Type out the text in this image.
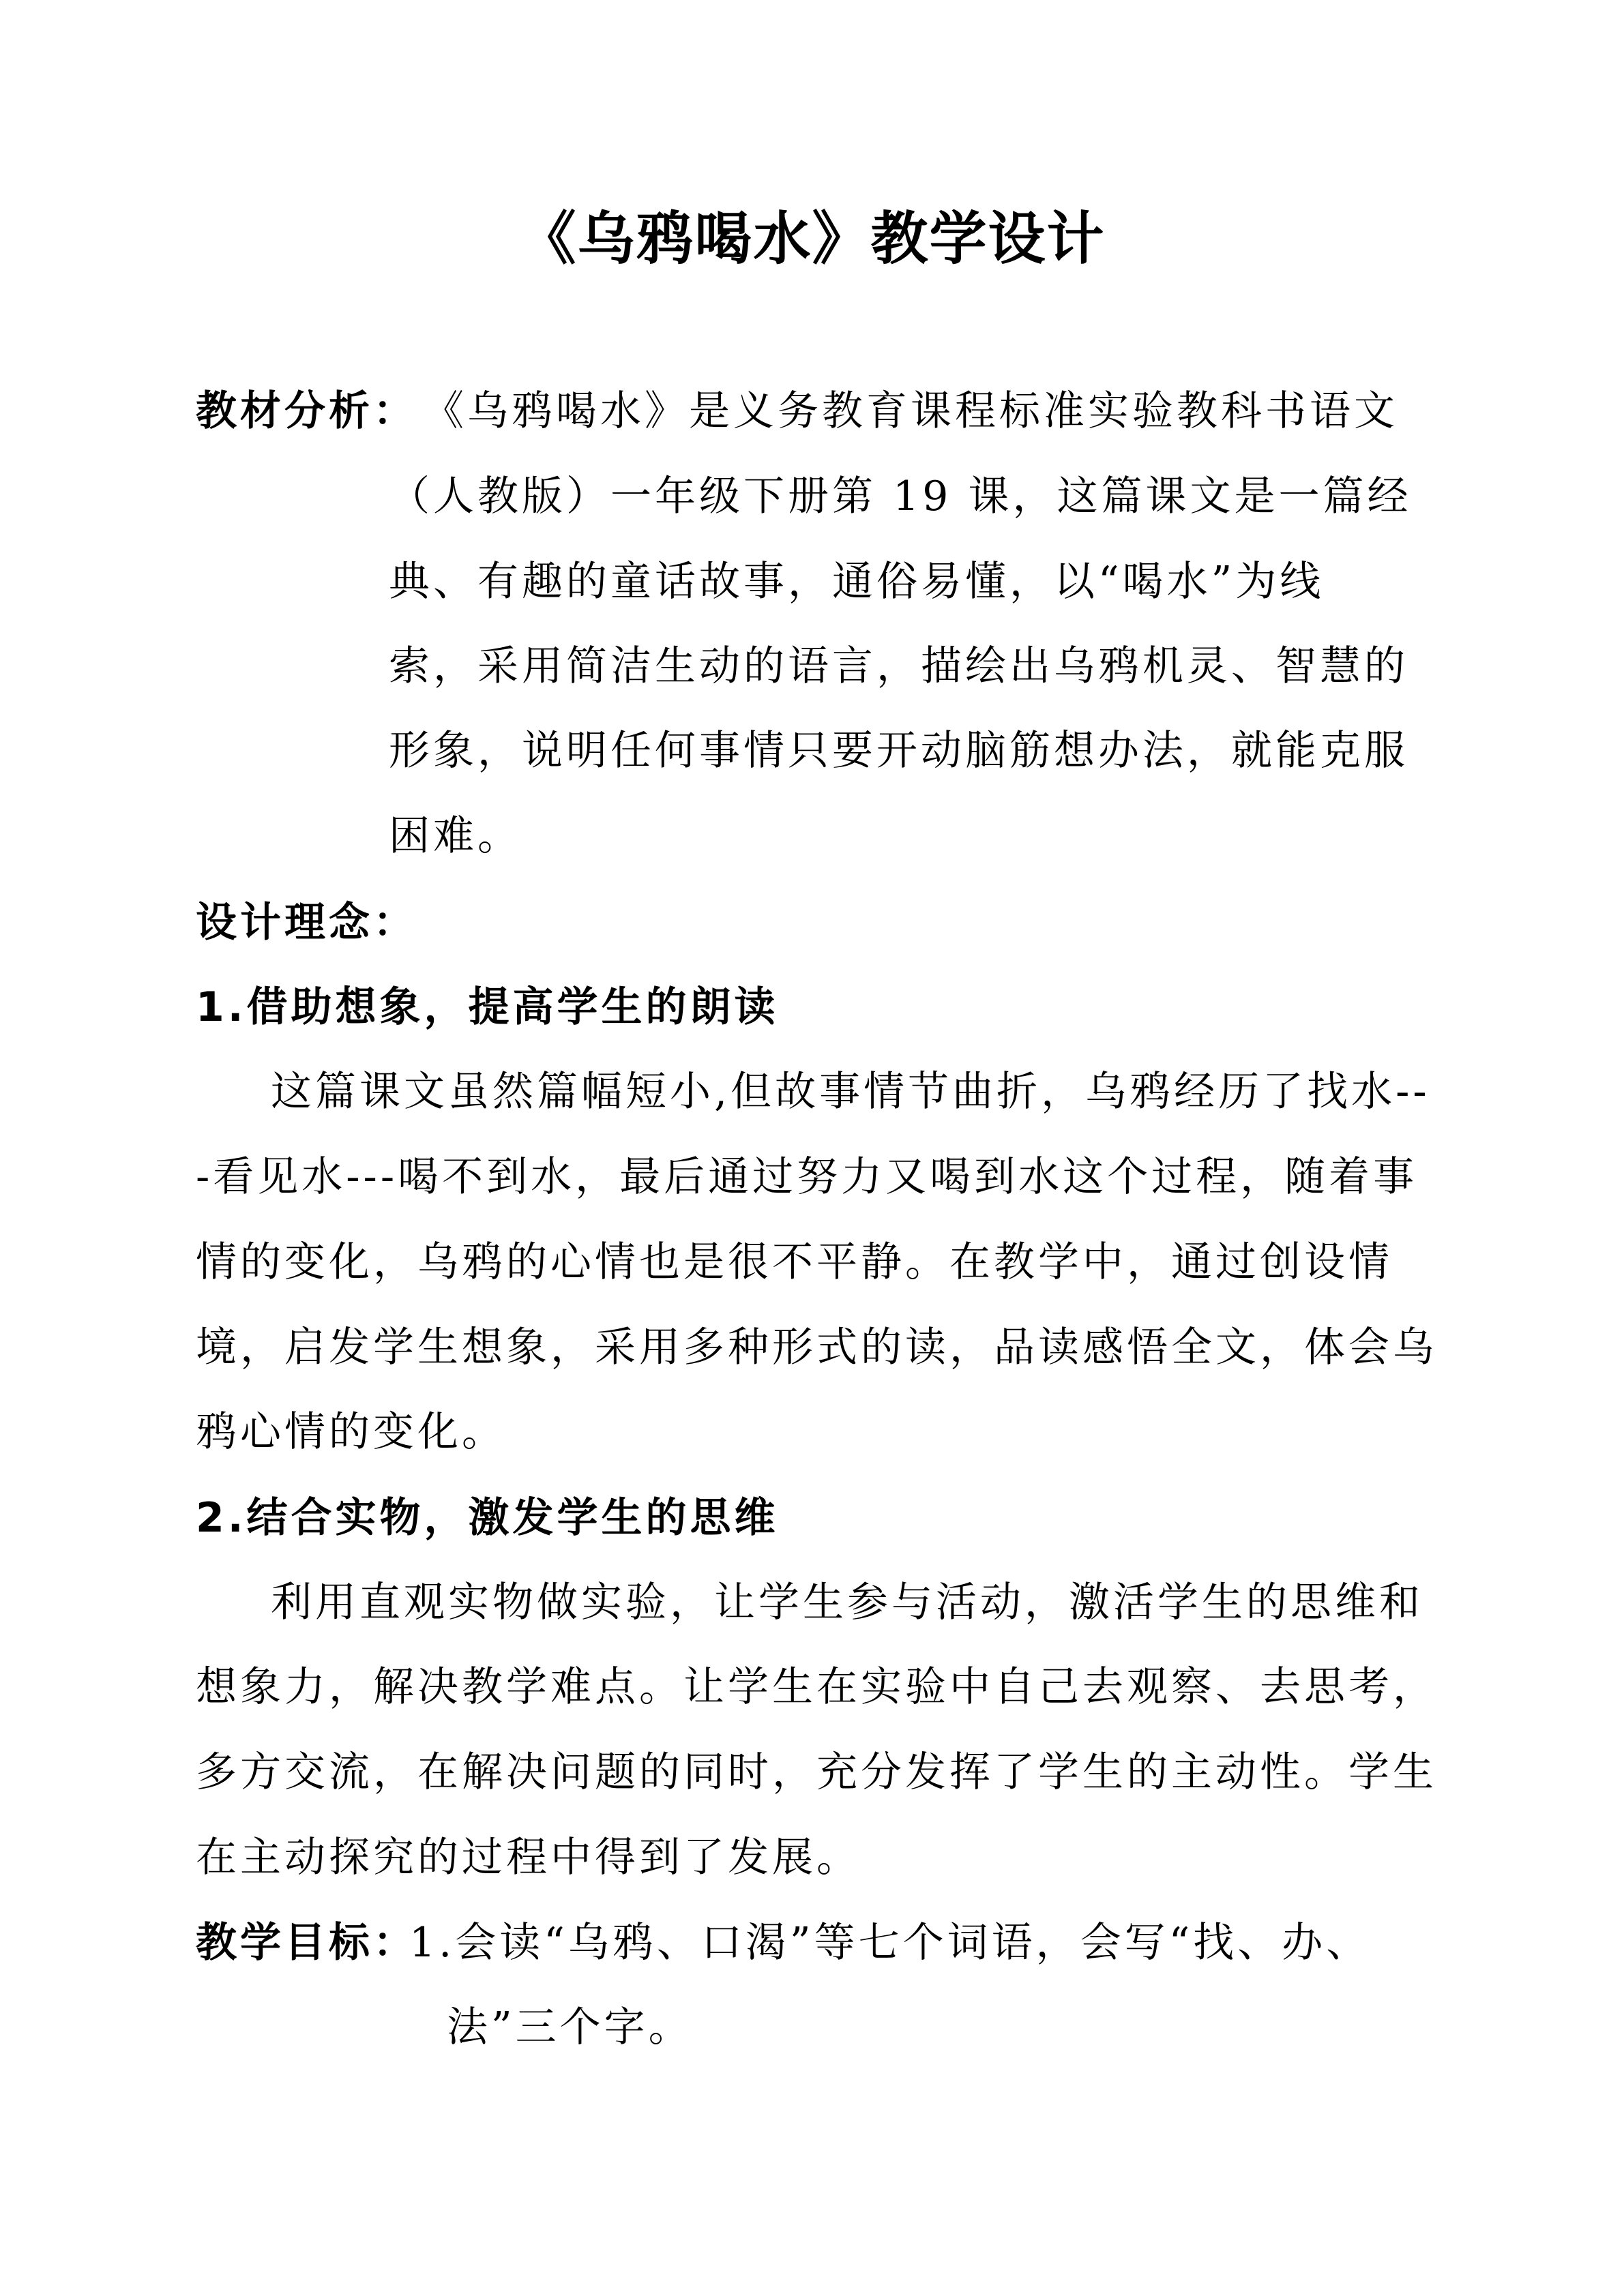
《乌鸦喝水》教学设计
教材分析： 《乌鸦喝水》是义务教育课程标准实验教科书语文
（人教版）一年级下册第 19 课，这篇课文是一篇经
典、有趣的童话故事，通俗易懂，以“喝水”为线
索，采用简洁生动的语言，描绘出乌鸦机灵、智慧的
形象，说明任何事情只要开动脑筋想办法，就能克服
困难。
设计理念：
1.借助想象，提高学生的朗读
这篇课文虽然篇幅短小,但故事情节曲折，乌鸦经历了找水--
-看见水---喝不到水，最后通过努力又喝到水这个过程，随着事
情的变化，乌鸦的心情也是很不平静。在教学中，通过创设情
境，启发学生想象，采用多种形式的读，品读感悟全文，体会乌
鸦心情的变化。
2.结合实物，激发学生的思维
利用直观实物做实验，让学生参与活动，激活学生的思维和
想象力，解决教学难点。让学生在实验中自己去观察、去思考，
多方交流，在解决问题的同时，充分发挥了学生的主动性。学生
在主动探究的过程中得到了发展。
教学目标：
1.会读“乌鸦、口渴”等七个词语，会写“找、办、
法”三个字。
